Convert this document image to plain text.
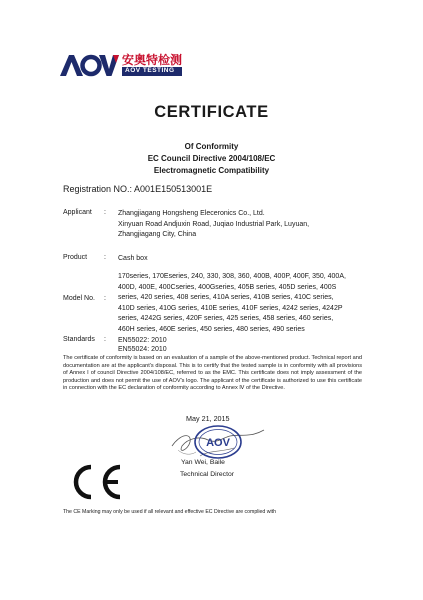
安奥特检测
AOV TESTING
CERTIFICATE
Of Conformity
EC Council Directive 2004/108/EC
Electromagnetic Compatibility
Registration NO.: A001E150513001E
Applicant : Zhangjiagang Hongsheng Eleceronics Co., Ltd.
Xinyuan Road Andjuxin Road, Juqiao Industrial Park, Luyuan,
Zhangjiagang City, China
Product : Cash box
Model No. :
170series, 170Eseries, 240, 330, 308, 360, 400B, 400P, 400F, 350, 400A,
400D, 400E, 400Cseries, 400Gseries, 405B series, 405D series, 400S
series, 420 series, 408 series, 410A series, 410B series, 410C series,
410D series, 410G series, 410E series, 410F series, 4242 series, 4242P
series, 4242G series, 420F series, 425 series, 458 series, 460 series,
460H series, 460E series, 450 series, 480 series, 490 series
Standards : EN55022: 2010
EN55024: 2010
The certificate of conformity is based on an evaluation of a sample of the above-mentioned product. Technical report and documentation are at the applicant's disposal. This is to certify that the tested sample is in conformity with all provisions of Annex I of council Directive 2004/108/EC, referred to as the EMC. This certificate does not imply assessment of the production and does not permit the use of AOV's logo. The applicant of the certificate is authorized to use this certificate in connection with the EC declaration of conformity according to Annex Ⅳ of the Directive.
May 21, 2015
AOV
Yan Wei, Baile
Technical Director
The CE Marking may only be used if all relevant and effective EC Directive are complied with
